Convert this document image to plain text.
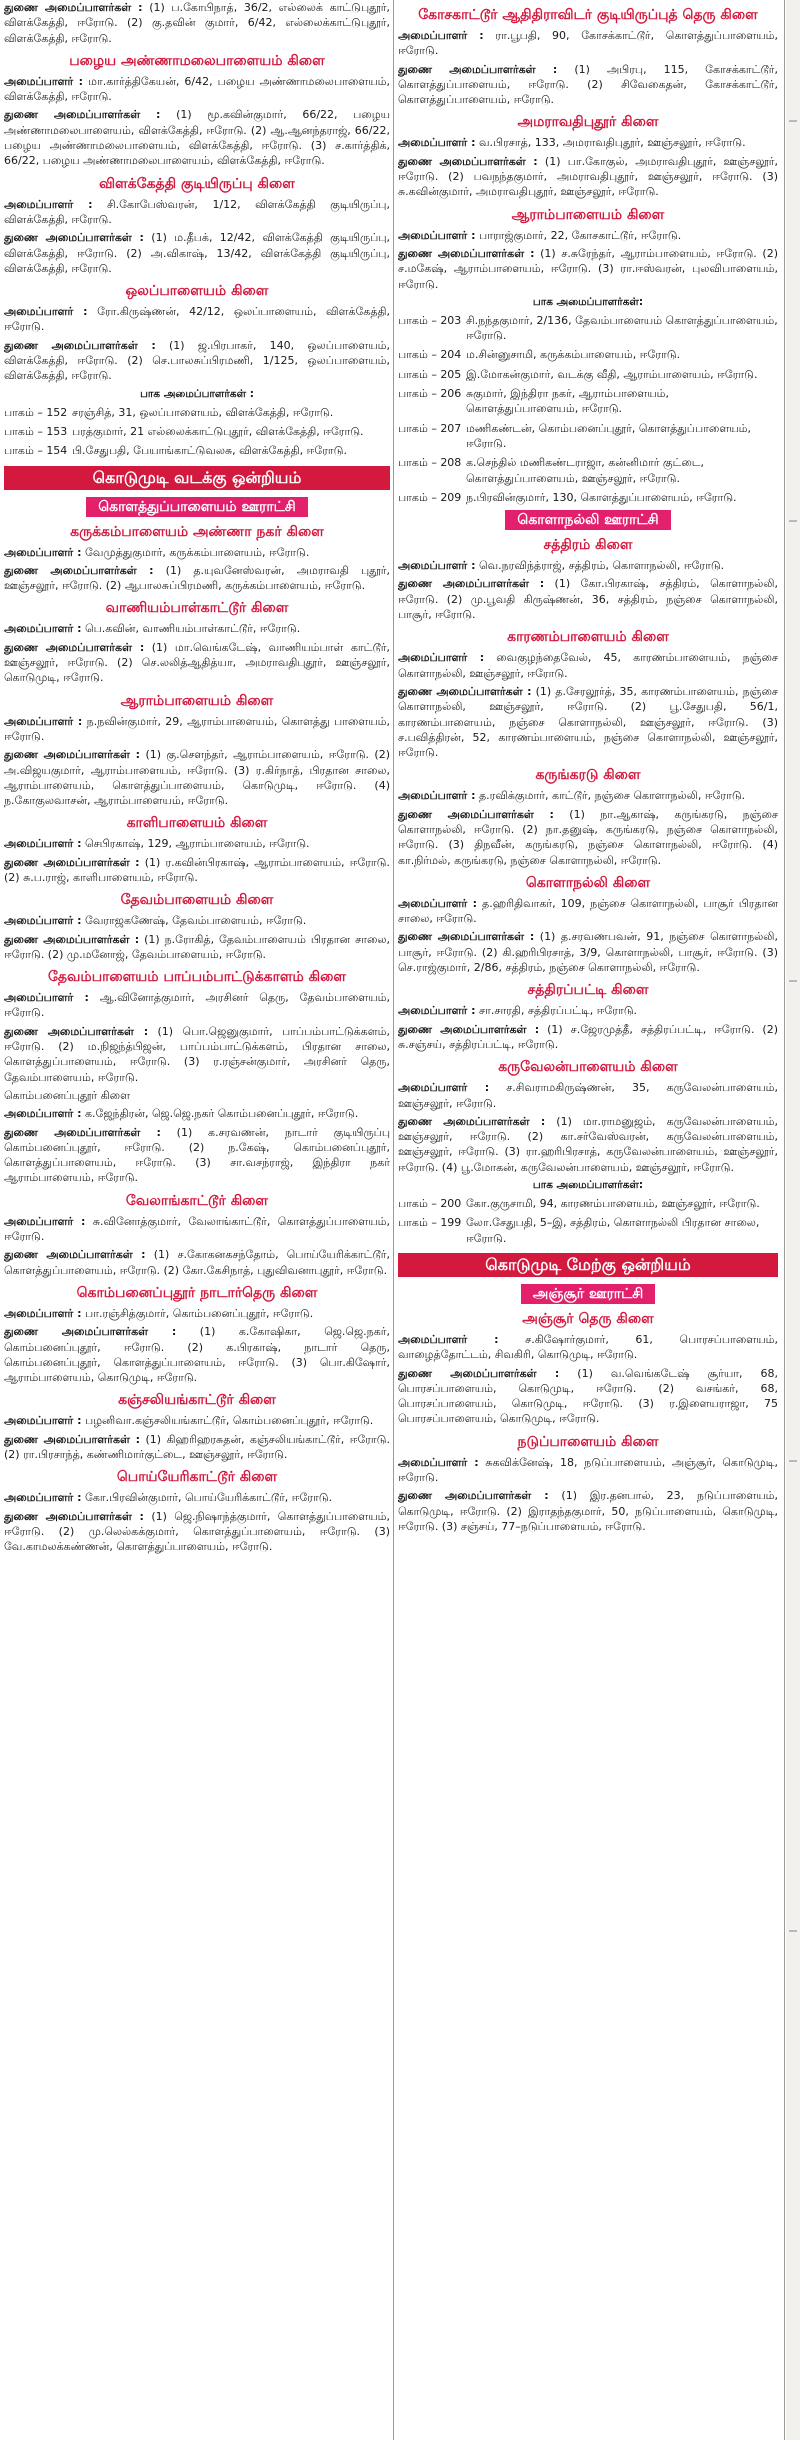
துணை அமைப்பாளர்கள் : (1) ப.கோபிநாத், 36/2, எல்லைக் காட்டுபுதூர், விளக்கேத்தி, ஈரோடு. (2) கு.தவின் குமார், 6/42, எல்லைக்காட்டுபுதூர், விளக்கேத்தி, ஈரோடு.

பழைய அண்ணாமலைபாளையம் கிளை

அமைப்பாளர் : மா.கார்த்திகேயன், 6/42, பழைய அண்ணாமலைபாளையம், விளக்கேத்தி, ஈரோடு.

துணை அமைப்பாளர்கள் : (1) மூ.கவின்குமார், 66/22, பழைய அண்ணாமலைபாளையம், விளக்கேத்தி, ஈரோடு. (2) ஆ.ஆனந்தராஜ், 66/22, பழைய அண்ணாமலைபாளையம், விளக்கேத்தி, ஈரோடு. (3) ச.கார்த்திக், 66/22, பழைய அண்ணாமலைபாளையம், விளக்கேத்தி, ஈரோடு.

விளக்கேத்தி குடியிருப்பு கிளை

அமைப்பாளர் : சி.கோபேஸ்வரன், 1/12, விளக்கேத்தி குடியிருப்பு, விளக்கேத்தி, ஈரோடு.

துணை அமைப்பாளர்கள் : (1) ம.தீபக், 12/42, விளக்கேத்தி குடியிருப்பு, விளக்கேத்தி, ஈரோடு. (2) அ.விகாஷ், 13/42, விளக்கேத்தி குடியிருப்பு, விளக்கேத்தி, ஈரோடு.

ஒலப்பாளையம் கிளை

அமைப்பாளர் : ரோ.கிருஷ்ணன், 42/12, ஒலப்பாளையம், விளக்கேத்தி, ஈரோடு.

துணை அமைப்பாளர்கள் : (1) ஜ.பிரபாகர், 140, ஒலப்பாளையம், விளக்கேத்தி, ஈரோடு. (2) செ.பாலசுப்பிரமணி, 1/125, ஒலப்பாளையம், விளக்கேத்தி, ஈரோடு.

பாக அமைப்பாளர்கள் :
பாகம் – 152 சரஞ்சித், 31, ஒலப்பாளையம், விளக்கேத்தி, ஈரோடு.
பாகம் – 153 பரத்குமார், 21 எல்லைக்காட்டுபுதூர், விளக்கேத்தி, ஈரோடு.
பாகம் – 154 பி.சேதுபதி, பேயாங்காட்டுவலசு, விளக்கேத்தி, ஈரோடு.
கொடுமுடி வடக்கு ஒன்றியம்
கொளத்துப்பாளையம் ஊராட்சி
கருக்கம்பாளையம் அண்ணா நகர் கிளை

அமைப்பாளர் : வேமுத்துகுமார், கருக்கம்பாளையம், ஈரோடு.

துணை அமைப்பாளர்கள் : (1) த.யுவனேஸ்வரன், அமராவதி புதூர், ஊஞ்சலூர், ஈரோடு. (2) ஆபாலசுப்பிரமணி, கருக்கம்பாளையம், ஈரோடு.

வாணியம்பாள்காட்டூர் கிளை

அமைப்பாளர் : பெ.கவின், வாணியம்பாள்காட்டூர், ஈரோடு.

துணை அமைப்பாளர்கள் : (1) மா.வெங்கடேஷ், வாணியம்பாள் காட்டூர், ஊஞ்சலூர், ஈரோடு. (2) செ.லலித்ஆதித்யா, அமராவதிபுதூர், ஊஞ்சலூர், கொடுமுடி, ஈரோடு.

ஆராம்பாளையம் கிளை

அமைப்பாளர் : ந.நவின்குமார், 29, ஆராம்பாளையம், கொளத்து பாளையம், ஈரோடு.

துணை அமைப்பாளர்கள் : (1) கு.சௌந்தர், ஆராம்பாளையம், ஈரோடு. (2) அ.விஜயகுமார், ஆராம்பாளையம், ஈரோடு. (3) ர.கிர்நாத், பிரதான சாலை, ஆராம்பாளையம், கொளத்துப்பாளையம், கொடுமுடி, ஈரோடு. (4) ந.கோகுலவாசன், ஆராம்பாளையம், ஈரோடு.

காளிபாளையம் கிளை

அமைப்பாளர் : செபிரகாஷ், 129, ஆராம்பாளையம், ஈரோடு.

துணை அமைப்பாளர்கள் : (1) ர.கவின்பிரகாஷ், ஆராம்பாளையம், ஈரோடு. (2) சு.ப.ராஜ், காளிபாளையம், ஈரோடு.

தேவம்பாளையம் கிளை

அமைப்பாளர் : வேராஜகணேஷ், தேவம்பாளையம், ஈரோடு.

துணை அமைப்பாளர்கள் : (1) ந.ரோகித், தேவம்பாளையம் பிரதான சாலை, ஈரோடு. (2) மு.மனோஜ், தேவம்பாளையம், ஈரோடு.

தேவம்பாளையம் பாப்பம்பாட்டுக்காளம் கிளை

அமைப்பாளர் : ஆ.வினோத்குமார், அரசினர் தெரு, தேவம்பாளையம், ஈரோடு.

துணை அமைப்பாளர்கள் : (1) பொ.ஜெனுகுமார், பாப்பம்பாட்டுக்களம், ஈரோடு. (2) ம.நிஜந்த்பிஜன், பாப்பம்பாட்டுக்களம், பிரதான சாலை, கொளத்துப்பாளையம், ஈரோடு. (3) ர.ரஞ்சன்குமார், அரசினர் தெரு, தேவம்பாளையம், ஈரோடு.

கொம்பனைப்புதூர் கிளை

அமைப்பாளர் : க.ஜேந்திரன், ஜெ.ஜெ.நகர் கொம்பனைப்புதூர், ஈரோடு.

துணை அமைப்பாளர்கள் : (1) க.சரவணன், நாடார் குடியிருப்பு கொம்பனைப்புதூர், ஈரோடு. (2) ந.கேஷ், கொம்பனைப்புதூர், கொளத்துப்பாளையம், ஈரோடு. (3) சா.வசந்ராஜ், இந்திரா நகர் ஆராம்பாளையம், ஈரோடு.

வேலாங்காட்டூர் கிளை

அமைப்பாளர் : சு.வினோத்குமார், வேலாங்காட்டூர், கொளத்துப்பாளையம், ஈரோடு.

துணை அமைப்பாளர்கள் : (1) ச.கோகனகசந்தோம், பொய்யேரிக்காட்டூர், கொளத்துப்பாளையம், ஈரோடு. (2) கோ.கேசிநாத், புதுவிவனாபுதூர், ஈரோடு.

கொம்பனைப்புதூர் நாடார்தெரு கிளை

அமைப்பாளர் : பா.ரஞ்சித்குமார், கொம்பனைப்புதூர், ஈரோடு.

துணை அமைப்பாளர்கள் : (1) க.கோஷிகா, ஜெ.ஜெ.நகர், கொம்பனைப்புதூர், ஈரோடு. (2) க.பிரகாஷ், நாடார் தெரு, கொம்பனைப்புதூர், கொளத்துப்பாளையம், ஈரோடு. (3) பொ.கிஷோர், ஆராம்பாளையம், கொடுமுடி, ஈரோடு.

கஞ்சலியங்காட்டூர் கிளை

அமைப்பாளர் : பழனிவா.கஞ்சலியங்காட்டூர், கொம்பனைப்புதூர், ஈரோடு.

துணை அமைப்பாளர்கள் : (1) கிஹரிஹரசுதன், கஞ்சலியங்காட்டூர், ஈரோடு. (2) ரா.பிரசாந்த், கண்ணிமார்குட்டை, ஊஞ்சலூர், ஈரோடு.

பொய்யேரிகாட்டூர் கிளை

அமைப்பாளர் : கோ.பிரவின்குமார், பொய்யேரிக்காட்டூர், ஈரோடு.

துணை அமைப்பாளர்கள் : (1) ஜெ.நிஷாந்த்குமார், கொளத்துப்பாளையம், ஈரோடு. (2) மு.லெல்கக்குமார், கொளத்துப்பாளையம், ஈரோடு. (3) வே.காமலக்கண்ணன், கொளத்துப்பாளையம், ஈரோடு.

கோசகாட்டூர் ஆதிதிராவிடர் குடியிருப்புத் தெரு கிளை

அமைப்பாளர் : ரா.பூபதி, 90, கோசக்காட்டூர், கொளத்துப்பாளையம், ஈரோடு.

துணை அமைப்பாளர்கள் : (1) அபிரபு, 115, கோசக்காட்டூர், கொளத்துப்பாளையம், ஈரோடு. (2) சிவேகைதன், கோசக்காட்டூர், கொளத்துப்பாளையம், ஈரோடு.

அமராவதிபுதூர் கிளை

அமைப்பாளர் : வ.பிரசாத், 133, அமராவதிபுதூர், ஊஞ்சலூர், ஈரோடு.

துணை அமைப்பாளர்கள் : (1) பா.கோகுல், அமராவதிபுதூர், ஊஞ்சலூர், ஈரோடு. (2) பவநந்தகுமார், அமராவதிபுதூர், ஊஞ்சலூர், ஈரோடு. (3) சு.கவின்குமார், அமராவதிபுதூர், ஊஞ்சலூர், ஈரோடு.

ஆராம்பாளையம் கிளை

அமைப்பாளர் : பாராஜ்குமார், 22, கோசகாட்டூர், ஈரோடு.

துணை அமைப்பாளர்கள் : (1) ச.சுரேந்தர், ஆராம்பாளையம், ஈரோடு. (2) ச.மகேஷ், ஆராம்பாளையம், ஈரோடு. (3) ரா.ஈஸ்வரன், புலவிபாளையம், ஈரோடு.

பாக அமைப்பாளர்கள்:
பாகம் – 203 சி.நந்தகுமார், 2/136, தேவம்பாளையம் கொளத்துப்பாளையம், ஈரோடு.
பாகம் – 204 ம.சின்னுசாமி, கருக்கம்பாளையம், ஈரோடு.
பாகம் – 205 இ.மோகன்குமார், வடக்கு வீதி, ஆராம்பாளையம், ஈரோடு.
பாகம் – 206 சுகுமார், இந்திரா நகர், ஆராம்பாளையம், கொளத்துப்பாளையம், ஈரோடு.
பாகம் – 207 மணிகண்டன், கொம்பனைப்புதூர், கொளத்துப்பாளையம், ஈரோடு.
பாகம் – 208 க.செந்தில் மணிகண்டராஜா, கன்னிமார் குட்டை, கொளத்துப்பாளையம், ஊஞ்சலூர், ஈரோடு.
பாகம் – 209 ந.பிரவின்குமார், 130, கொளத்துப்பாளையம், ஈரோடு.
கொளாநல்லி ஊராட்சி
சத்திரம் கிளை

அமைப்பாளர் : வெ.நரவிந்த்ராஜ், சத்திரம், கொளாநல்லி, ஈரோடு.

துணை அமைப்பாளர்கள் : (1) கோ.பிரகாஷ், சத்திரம், கொளாநல்லி, ஈரோடு. (2) மு.பூவதி கிருஷ்ணன், 36, சத்திரம், நஞ்சை கொளாநல்லி, பாசூர், ஈரோடு.

காரணம்பாளையம் கிளை

அமைப்பாளர் : வைகுழந்தைவேல், 45, காரணம்பாளையம், நஞ்சை கொளாநல்லி, ஊஞ்சலூர், ஈரோடு.

துணை அமைப்பாளர்கள் : (1) த.சேரலூர்த், 35, காரணம்பாளையம், நஞ்சை கொளாநல்லி, ஊஞ்சலூர், ஈரோடு. (2) பூ.சேதுபதி, 56/1, காரணம்பாளையம், நஞ்சை கொளாநல்லி, ஊஞ்சலூர், ஈரோடு. (3) ச.பவித்திரன், 52, காரணம்பாளையம், நஞ்சை கொளாநல்லி, ஊஞ்சலூர், ஈரோடு.

கருங்கரடு கிளை

அமைப்பாளர் : த.ரவிக்குமார், காட்டூர், நஞ்சை கொளாநல்லி, ஈரோடு.

துணை அமைப்பாளர்கள் : (1) நா.ஆகாஷ், கருங்கரடு, நஞ்சை கொளாநல்லி, ஈரோடு. (2) நா.தனுஷ், கருங்கரடு, நஞ்சை கொளாநல்லி, ஈரோடு. (3) திநவீன், கருங்கரடு, நஞ்சை கொளாநல்லி, ஈரோடு. (4) கா.நிர்மல், கருங்கரடு, நஞ்சை கொளாநல்லி, ஈரோடு.

கொளாநல்லி கிளை

அமைப்பாளர் : த.ஹரிதிவாகர், 109, நஞ்சை கொளாநல்லி, பாசூர் பிரதான சாலை, ஈரோடு.

துணை அமைப்பாளர்கள் : (1) த.சரவணபவன், 91, நஞ்சை கொளாநல்லி, பாசூர், ஈரோடு. (2) கி.ஹரிபிரசாத், 3/9, கொளாநல்லி, பாசூர், ஈரோடு. (3) செ.ராஜ்குமார், 2/86, சத்திரம், நஞ்சை கொளாநல்லி, ஈரோடு.

சத்திரப்பட்டி கிளை

அமைப்பாளர் : சா.சாரதி, சத்திரப்பட்டி, ஈரோடு.

துணை அமைப்பாளர்கள் : (1) ச.ஜேரமுத்தீ, சத்திரப்பட்டி, ஈரோடு. (2) சு.சஞ்சய், சத்திரப்பட்டி, ஈரோடு.

கருவேலன்பாளையம் கிளை

அமைப்பாளர் : ச.சிவராமகிருஷ்ணன், 35, கருவேலன்பாளையம், ஊஞ்சலூர், ஈரோடு.

துணை அமைப்பாளர்கள் : (1) மா.ராமனுஜம், கருவேலன்பாளையம், ஊஞ்சலூர், ஈரோடு. (2) கா.சர்வேஸ்வரன், கருவேலன்பாளையம், ஊஞ்சலூர், ஈரோடு. (3) ரா.ஹரிபிரசாத், கருவேலன்பாளையம், ஊஞ்சலூர், ஈரோடு. (4) பூ.மோகன், கருவேலன்பாளையம், ஊஞ்சலூர், ஈரோடு.

பாக அமைப்பாளர்கள்:
பாகம் – 200 கோ.குருசாமி, 94, காரணம்பாளையம், ஊஞ்சலூர், ஈரோடு.
பாகம் – 199 லோ.சேதுபதி, 5–இ, சத்திரம், கொளாநல்லி பிரதான சாலை, ஈரோடு.
கொடுமுடி மேற்கு ஒன்றியம்
அஞ்சூர் ஊராட்சி
அஞ்சூர் தெரு கிளை

அமைப்பாளர் : ச.கிஷோர்குமார், 61, பொரசப்பாளையம், வாழைத்தோட்டம், சிவகிரி, கொடுமுடி, ஈரோடு.

துணை அமைப்பாளர்கள் : (1) வ.வெங்கடேஷ் சூர்யா, 68, பொரசப்பாளையம், கொடுமுடி, ஈரோடு. (2) வசங்கர், 68, பொரசப்பாளையம், கொடுமுடி, ஈரோடு. (3) ர.இளையராஜா, 75 பொரசப்பாளையம், கொடுமுடி, ஈரோடு.

நடுப்பாளையம் கிளை

அமைப்பாளர் : சுகவிக்னேஷ், 18, நடுப்பாளையம், அஞ்சூர், கொடுமுடி, ஈரோடு.

துணை அமைப்பாளர்கள் : (1) இர.தனபால், 23, நடுப்பாளையம், கொடுமுடி, ஈரோடு. (2) இராதந்தகுமார், 50, நடுப்பாளையம், கொடுமுடி, ஈரோடு. (3) சஞ்சய், 77–நடுப்பாளையம், ஈரோடு.
